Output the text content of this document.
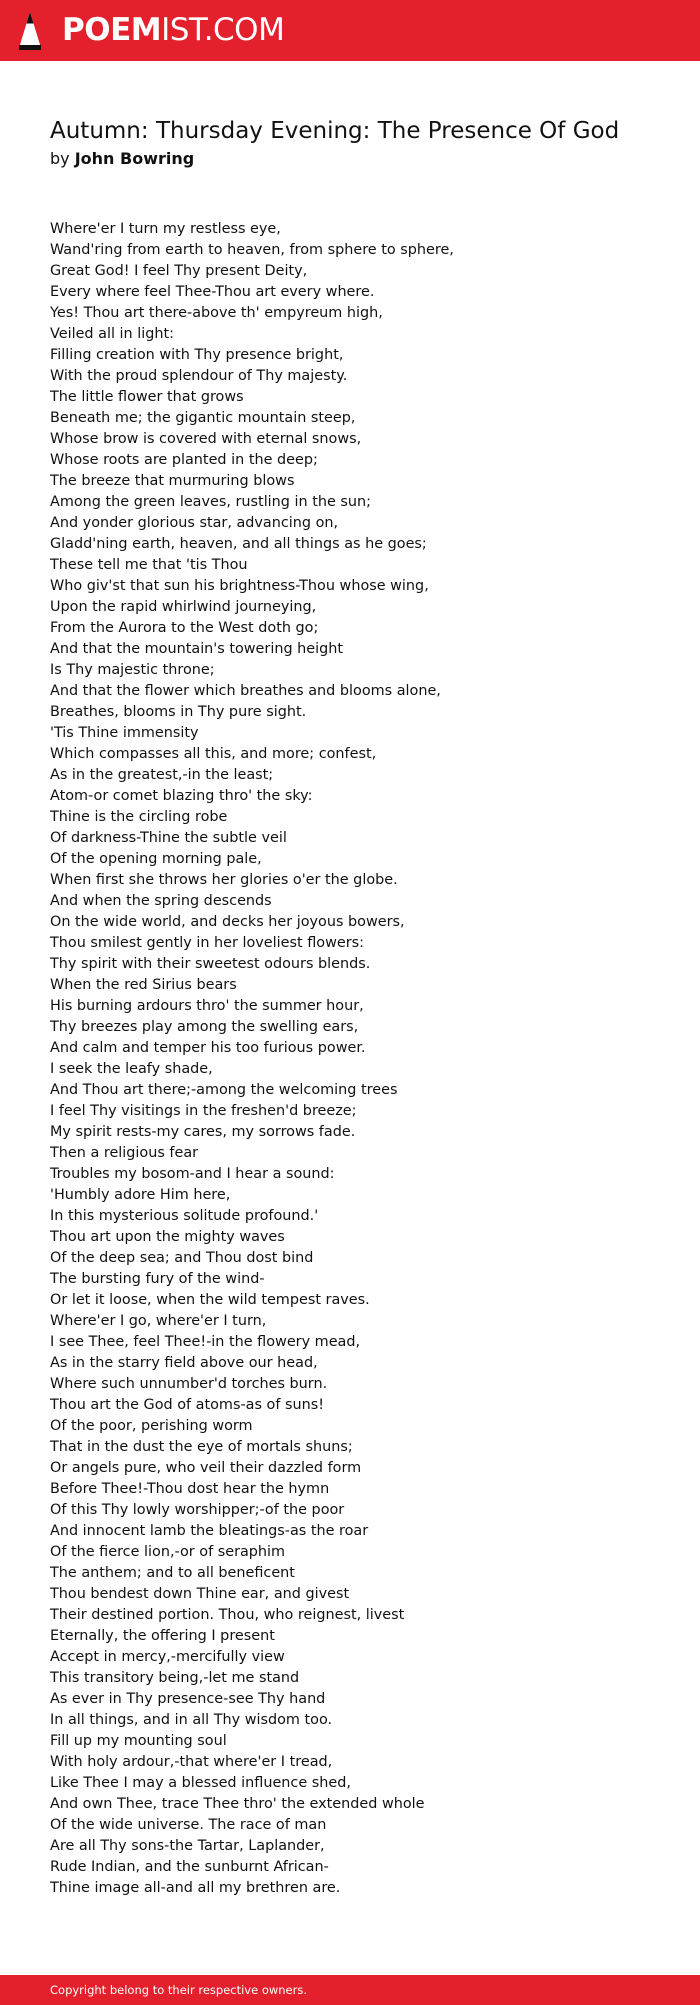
POEMIST.COM
Autumn: Thursday Evening: The Presence Of God
by John Bowring
Where'er I turn my restless eye,
Wand'ring from earth to heaven, from sphere to sphere,
Great God! I feel Thy present Deity,
Every where feel Thee-Thou art every where.
Yes! Thou art there-above th' empyreum high,
Veiled all in light:
Filling creation with Thy presence bright,
With the proud splendour of Thy majesty.
The little flower that grows
Beneath me; the gigantic mountain steep,
Whose brow is covered with eternal snows,
Whose roots are planted in the deep;
The breeze that murmuring blows
Among the green leaves, rustling in the sun;
And yonder glorious star, advancing on,
Gladd'ning earth, heaven, and all things as he goes;
These tell me that 'tis Thou
Who giv'st that sun his brightness-Thou whose wing,
Upon the rapid whirlwind journeying,
From the Aurora to the West doth go;
And that the mountain's towering height
Is Thy majestic throne;
And that the flower which breathes and blooms alone,
Breathes, blooms in Thy pure sight.
'Tis Thine immensity
Which compasses all this, and more; confest,
As in the greatest,-in the least;
Atom-or comet blazing thro' the sky:
Thine is the circling robe
Of darkness-Thine the subtle veil
Of the opening morning pale,
When first she throws her glories o'er the globe.
And when the spring descends
On the wide world, and decks her joyous bowers,
Thou smilest gently in her loveliest flowers:
Thy spirit with their sweetest odours blends.
When the red Sirius bears
His burning ardours thro' the summer hour,
Thy breezes play among the swelling ears,
And calm and temper his too furious power.
I seek the leafy shade,
And Thou art there;-among the welcoming trees
I feel Thy visitings in the freshen'd breeze;
My spirit rests-my cares, my sorrows fade.
Then a religious fear
Troubles my bosom-and I hear a sound:
'Humbly adore Him here,
In this mysterious solitude profound.'
Thou art upon the mighty waves
Of the deep sea; and Thou dost bind
The bursting fury of the wind-
Or let it loose, when the wild tempest raves.
Where'er I go, where'er I turn,
I see Thee, feel Thee!-in the flowery mead,
As in the starry field above our head,
Where such unnumber'd torches burn.
Thou art the God of atoms-as of suns!
Of the poor, perishing worm
That in the dust the eye of mortals shuns;
Or angels pure, who veil their dazzled form
Before Thee!-Thou dost hear the hymn
Of this Thy lowly worshipper;-of the poor
And innocent lamb the bleatings-as the roar
Of the fierce lion,-or of seraphim
The anthem; and to all beneficent
Thou bendest down Thine ear, and givest
Their destined portion. Thou, who reignest, livest
Eternally, the offering I present
Accept in mercy,-mercifully view
This transitory being,-let me stand
As ever in Thy presence-see Thy hand
In all things, and in all Thy wisdom too.
Fill up my mounting soul
With holy ardour,-that where'er I tread,
Like Thee I may a blessed influence shed,
And own Thee, trace Thee thro' the extended whole
Of the wide universe. The race of man
Are all Thy sons-the Tartar, Laplander,
Rude Indian, and the sunburnt African-
Thine image all-and all my brethren are.
Copyright belong to their respective owners.
